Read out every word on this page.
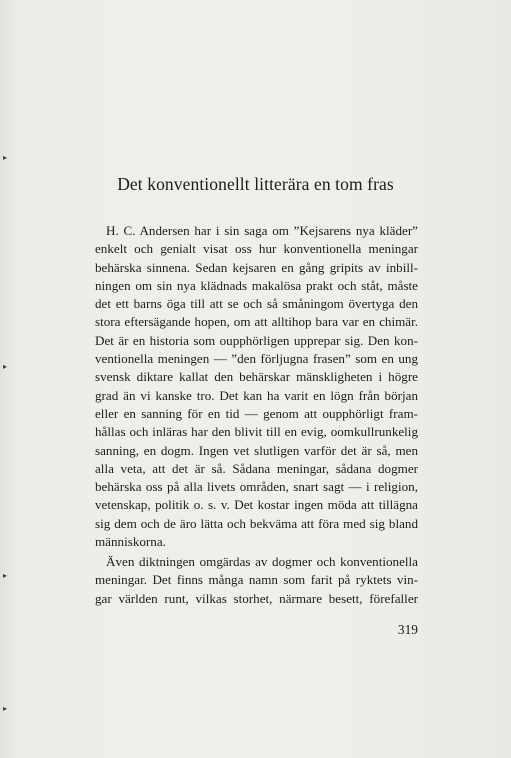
▸
▸
▸
▸
Det konventionellt litterära en tom fras
H. C. Andersen har i sin saga om ”Kejsarens nya kläder”
enkelt och genialt visat oss hur konventionella meningar
behärska sinnena. Sedan kejsaren en gång gripits av inbill-
ningen om sin nya klädnads makalösa prakt och ståt, måste
det ett barns öga till att se och så småningom övertyga den
stora eftersägande hopen, om att alltihop bara var en chimär.
Det är en historia som oupphörligen upprepar sig. Den kon-
ventionella meningen — ”den förljugna frasen” som en ung
svensk diktare kallat den behärskar mänskligheten i högre
grad än vi kanske tro. Det kan ha varit en lögn från början
eller en sanning för en tid — genom att oupphörligt fram-
hållas och inläras har den blivit till en evig, oomkullrunkelig
sanning, en dogm. Ingen vet slutligen varför det är så, men
alla veta, att det är så. Sådana meningar, sådana dogmer
behärska oss på alla livets områden, snart sagt — i religion,
vetenskap, politik o. s. v. Det kostar ingen möda att tillägna
sig dem och de äro lätta och bekväma att föra med sig bland
människorna.
Även diktningen omgärdas av dogmer och konventionella
meningar. Det finns många namn som farit på ryktets vin-
gar världen runt, vilkas storhet, närmare besett, förefaller
319
